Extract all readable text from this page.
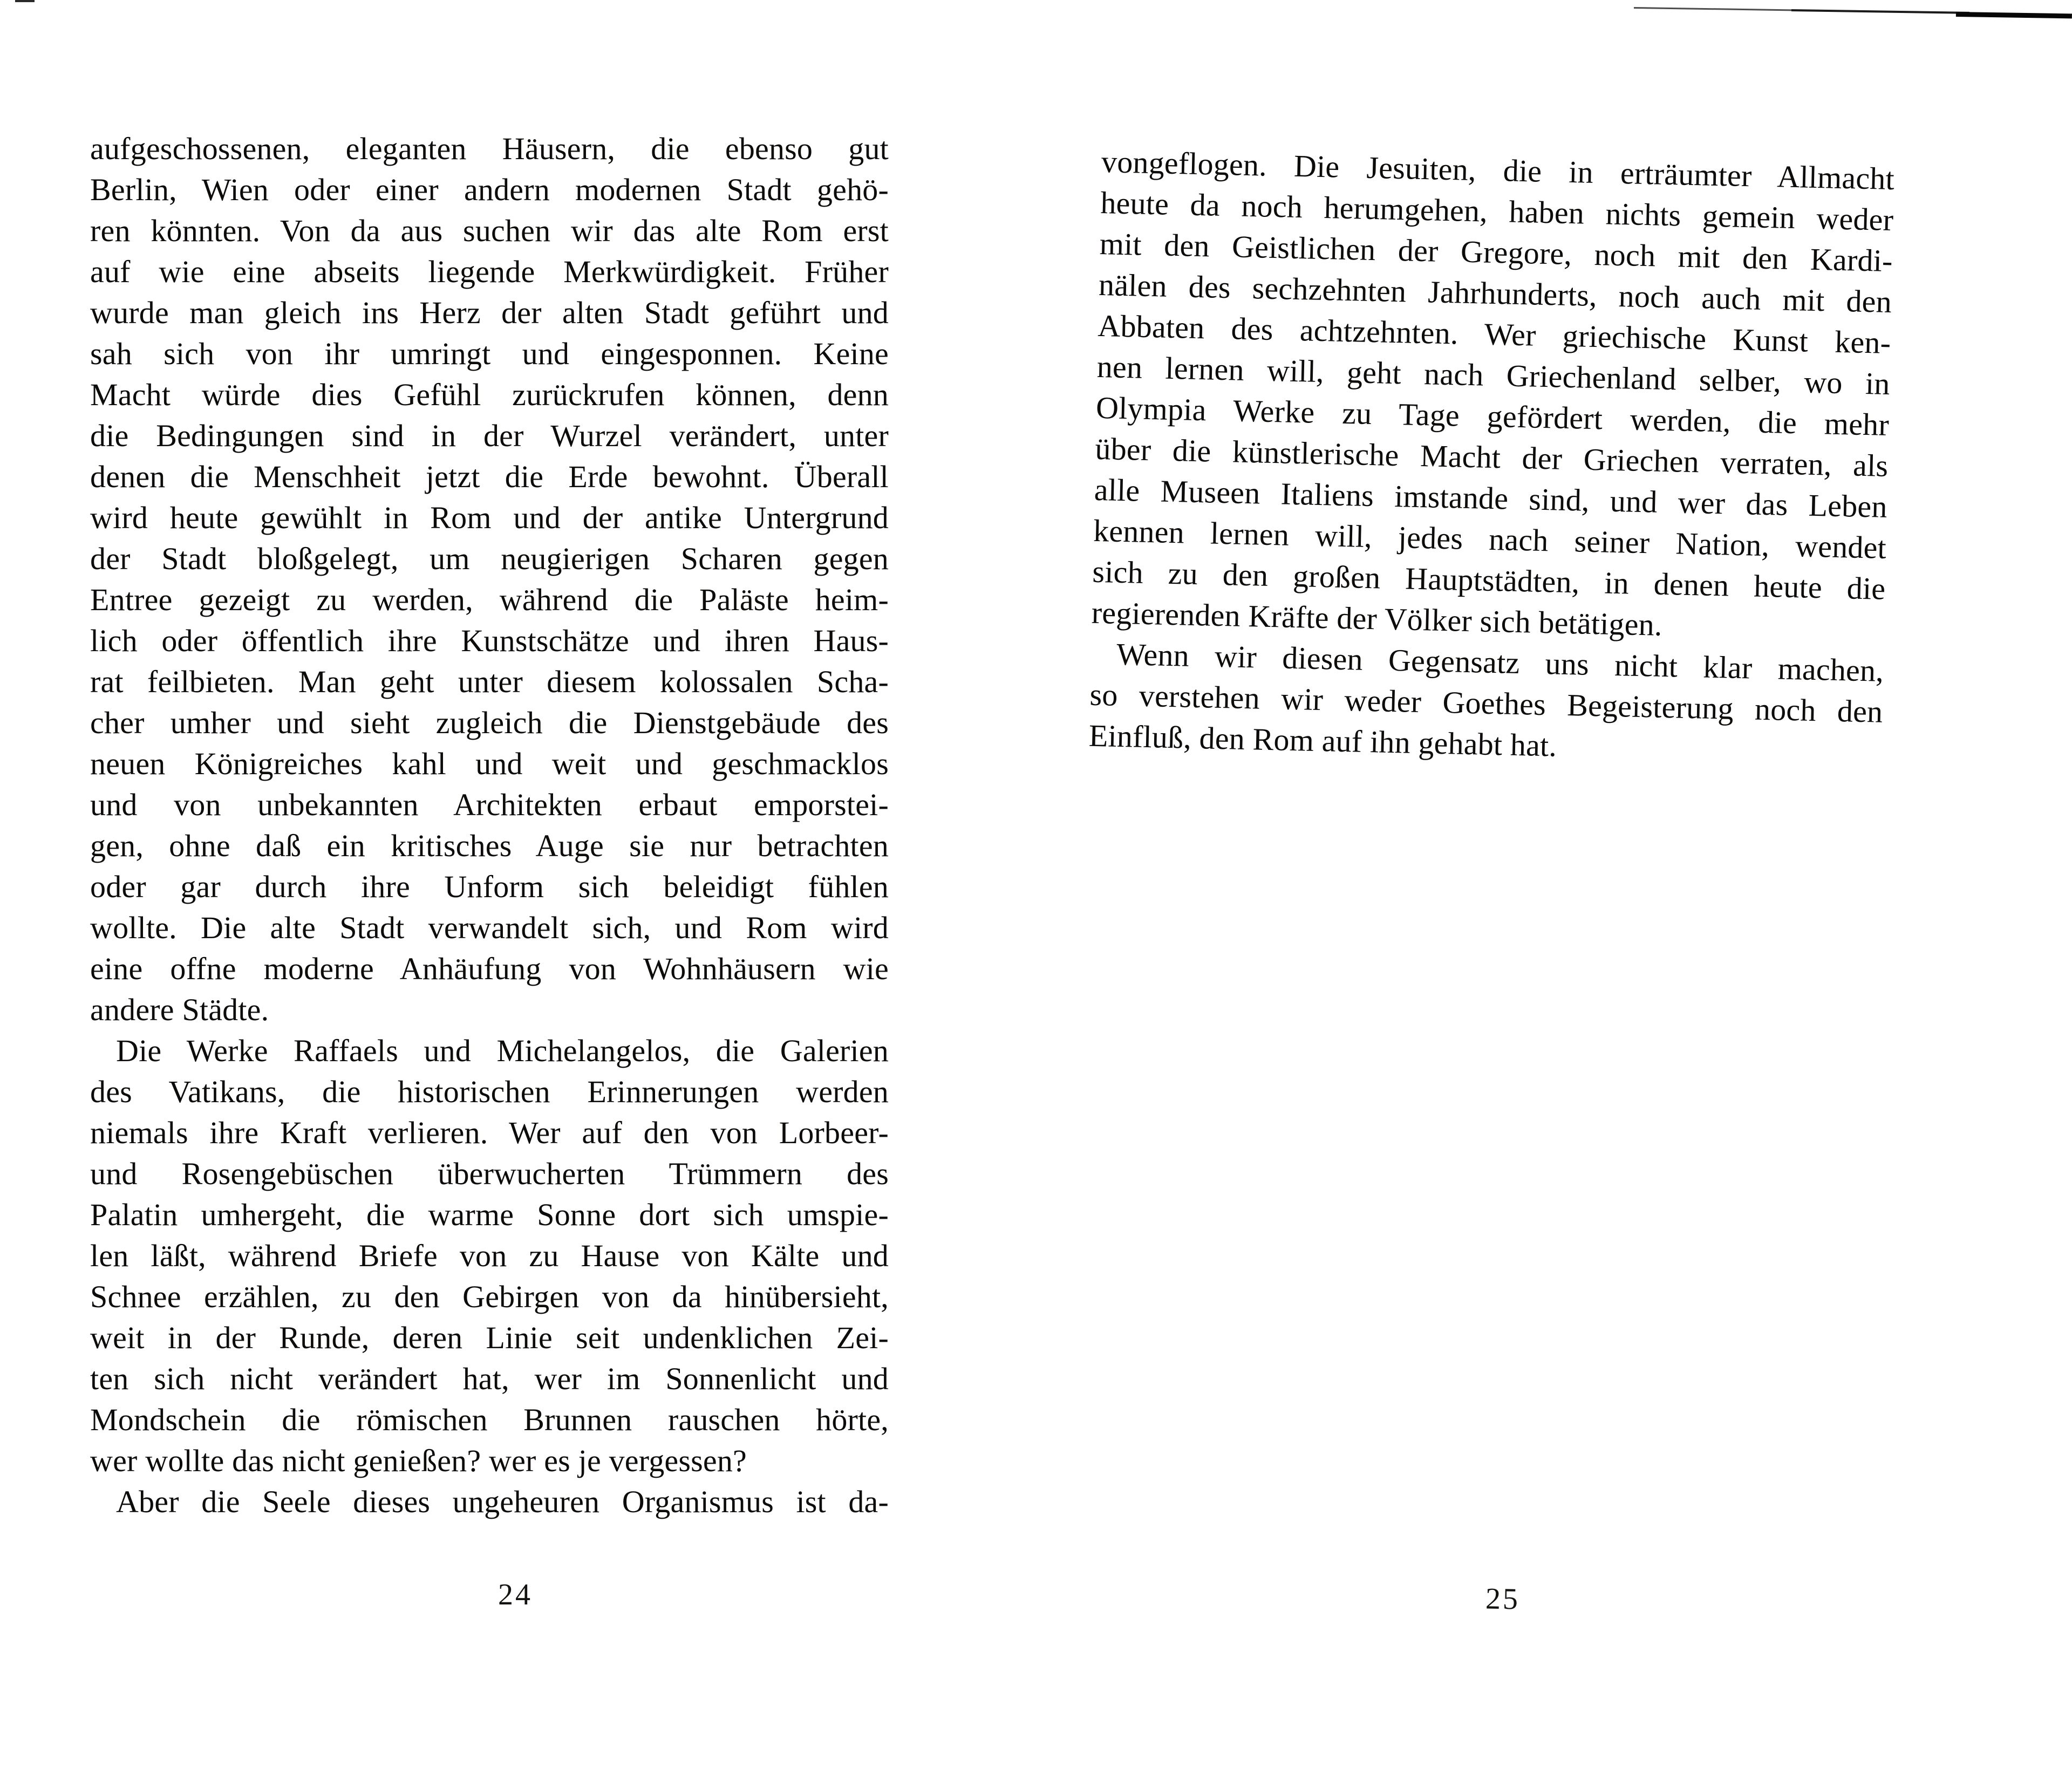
aufgeschossenen, eleganten Häusern, die ebenso gut
Berlin, Wien oder einer andern modernen Stadt gehö-
ren könnten. Von da aus suchen wir das alte Rom erst
auf wie eine abseits liegende Merkwürdigkeit. Früher
wurde man gleich ins Herz der alten Stadt geführt und
sah sich von ihr umringt und eingesponnen. Keine
Macht würde dies Gefühl zurückrufen können, denn
die Bedingungen sind in der Wurzel verändert, unter
denen die Menschheit jetzt die Erde bewohnt. Überall
wird heute gewühlt in Rom und der antike Untergrund
der Stadt bloßgelegt, um neugierigen Scharen gegen
Entree gezeigt zu werden, während die Paläste heim-
lich oder öffentlich ihre Kunstschätze und ihren Haus-
rat feilbieten. Man geht unter diesem kolossalen Scha-
cher umher und sieht zugleich die Dienstgebäude des
neuen Königreiches kahl und weit und geschmacklos
und von unbekannten Architekten erbaut emporstei-
gen, ohne daß ein kritisches Auge sie nur betrachten
oder gar durch ihre Unform sich beleidigt fühlen
wollte. Die alte Stadt verwandelt sich, und Rom wird
eine offne moderne Anhäufung von Wohnhäusern wie
andere Städte.
Die Werke Raffaels und Michelangelos, die Galerien
des Vatikans, die historischen Erinnerungen werden
niemals ihre Kraft verlieren. Wer auf den von Lorbeer-
und Rosengebüschen überwucherten Trümmern des
Palatin umhergeht, die warme Sonne dort sich umspie-
len läßt, während Briefe von zu Hause von Kälte und
Schnee erzählen, zu den Gebirgen von da hinübersieht,
weit in der Runde, deren Linie seit undenklichen Zei-
ten sich nicht verändert hat, wer im Sonnenlicht und
Mondschein die römischen Brunnen rauschen hörte,
wer wollte das nicht genießen? wer es je vergessen?
Aber die Seele dieses ungeheuren Organismus ist da-
24
vongeflogen. Die Jesuiten, die in erträumter Allmacht
heute da noch herumgehen, haben nichts gemein weder
mit den Geistlichen der Gregore, noch mit den Kardi-
nälen des sechzehnten Jahrhunderts, noch auch mit den
Abbaten des achtzehnten. Wer griechische Kunst ken-
nen lernen will, geht nach Griechenland selber, wo in
Olympia Werke zu Tage gefördert werden, die mehr
über die künstlerische Macht der Griechen verraten, als
alle Museen Italiens imstande sind, und wer das Leben
kennen lernen will, jedes nach seiner Nation, wendet
sich zu den großen Hauptstädten, in denen heute die
regierenden Kräfte der Völker sich betätigen.
Wenn wir diesen Gegensatz uns nicht klar machen,
so verstehen wir weder Goethes Begeisterung noch den
Einfluß, den Rom auf ihn gehabt hat.
25
